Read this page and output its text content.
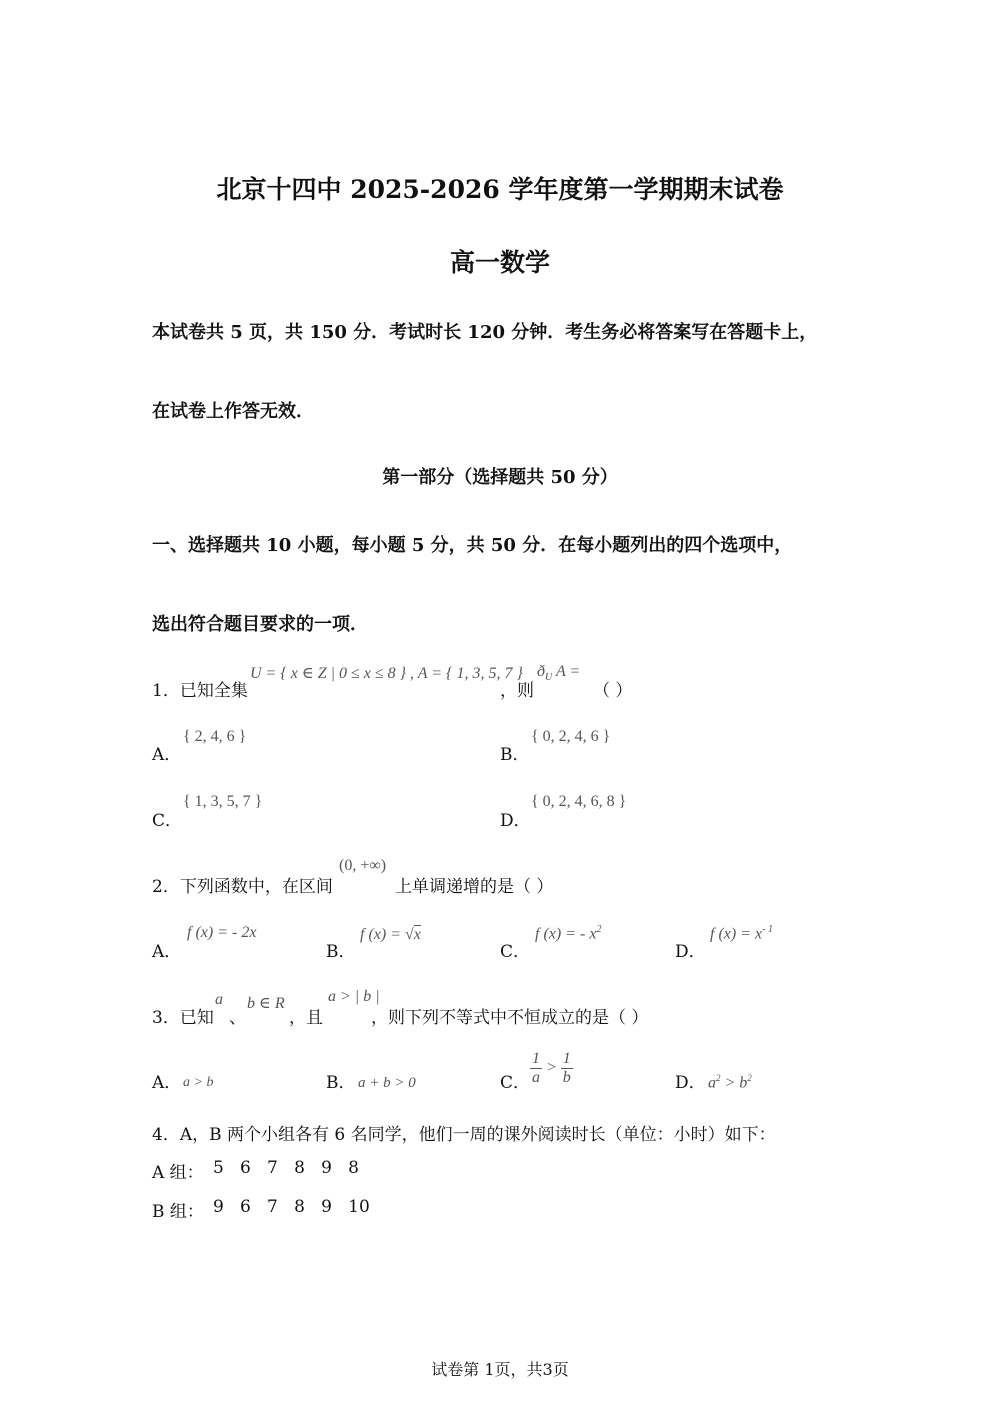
北京十四中 2025-2026 学年度第一学期期末试卷
高一数学
本试卷共 5 页，共 150 分．考试时长 120 分钟．考生务必将答案写在答题卡上，
在试卷上作答无效．
第一部分（选择题共 50 分）
一、选择题共 10 小题，每小题 5 分，共 50 分．在每小题列出的四个选项中，
选出符合题目要求的一项．
1．已知全集
U = { x ∈ Z | 0 ≤ x ≤ 8 } , A = { 1, 3, 5, 7 }
，则
$ð_U$ A =
（ ）
A．
{ 2, 4, 6 }
B．
{ 0, 2, 4, 6 }
C．
{ 1, 3, 5, 7 }
D．
{ 0, 2, 4, 6, 8 }
2．下列函数中，在区间
(0, +∞)
上单调递增的是（ ）
A．
f (x) = - 2x
B．
f (x) = √x
C．
f (x) = - $x^2$
D．
f $(x) = x^{- 1}$
3．已知
a
、
b ∈ R
，且
a > | b |
，则下列不等式中不恒成立的是（ ）
A． a > b	B． a + b > 0	C． $\frac{1}{a} > \frac{1}{b}$	D． $a^2 > b^2$
4．A，B 两个小组各有 6 名同学，他们一周的课外阅读时长（单位：小时）如下：
A 组： 5   6   7   8   9   8
B 组： 9   6   7   8   9   10
试卷第 1页，共3页
